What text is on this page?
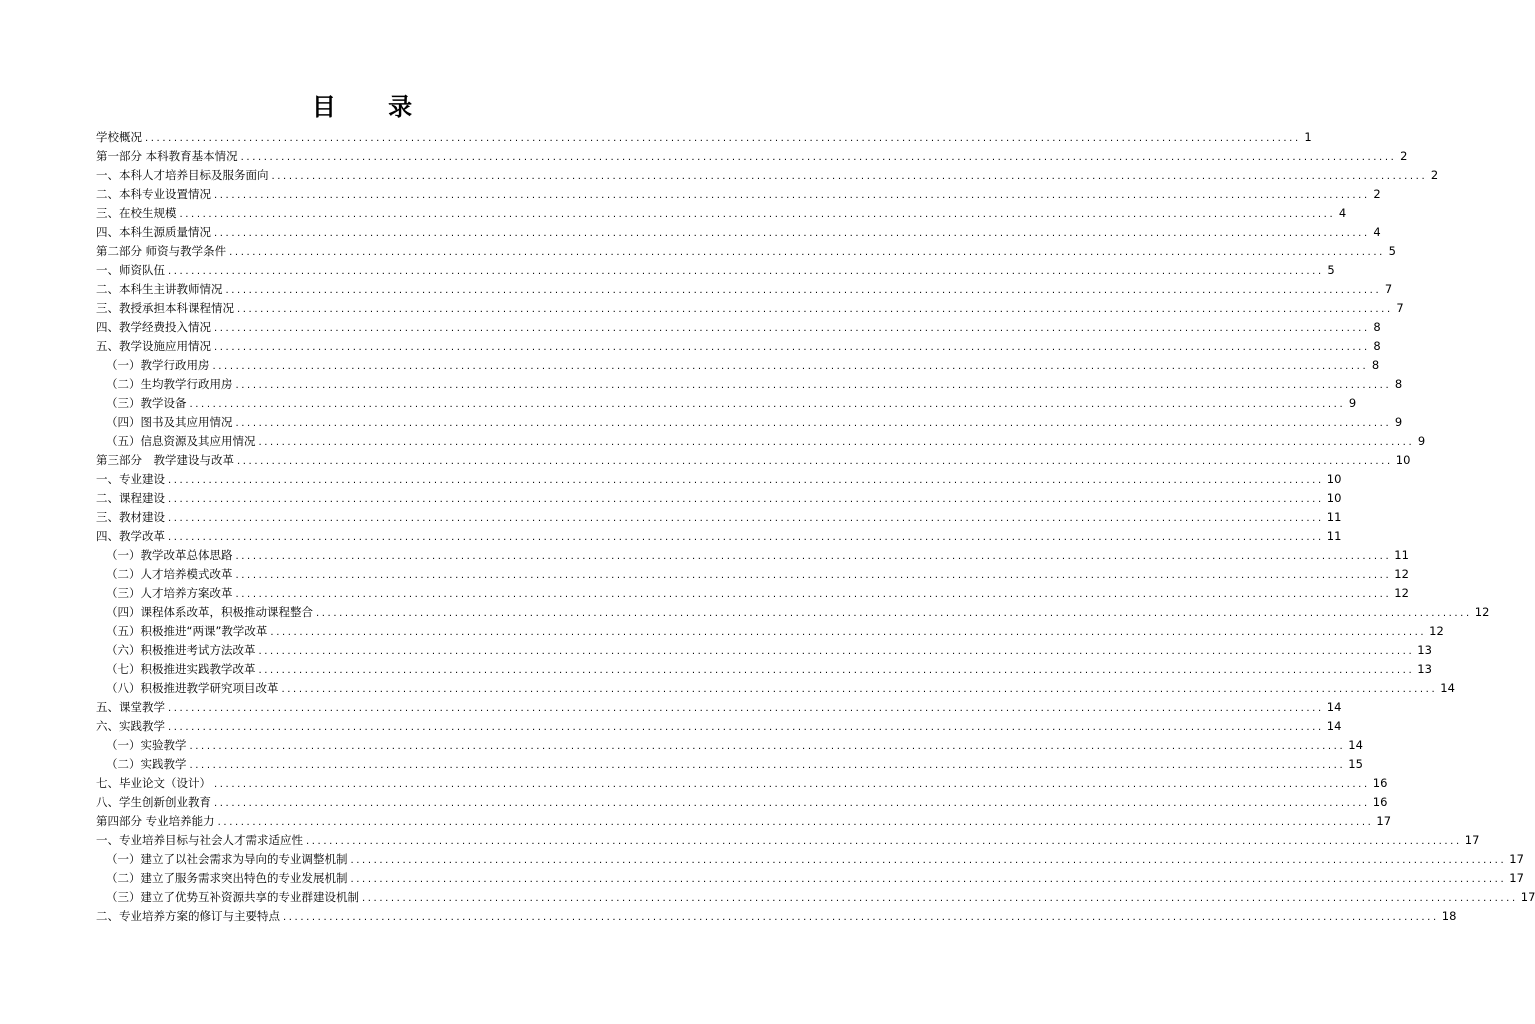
目 录
学校概况 ........................................................................................................................................................................................................ 1
第一部分 本科教育基本情况 ........................................................................................................................................................................................................ 2
一、本科人才培养目标及服务面向 ........................................................................................................................................................................................................ 2
二、本科专业设置情况 ........................................................................................................................................................................................................ 2
三、在校生规模 ........................................................................................................................................................................................................ 4
四、本科生源质量情况 ........................................................................................................................................................................................................ 4
第二部分 师资与教学条件 ........................................................................................................................................................................................................ 5
一、师资队伍 ........................................................................................................................................................................................................ 5
二、本科生主讲教师情况 ........................................................................................................................................................................................................ 7
三、教授承担本科课程情况 ........................................................................................................................................................................................................ 7
四、教学经费投入情况 ........................................................................................................................................................................................................ 8
五、教学设施应用情况 ........................................................................................................................................................................................................ 8
（一）教学行政用房 ........................................................................................................................................................................................................ 8
（二）生均教学行政用房 ........................................................................................................................................................................................................ 8
（三）教学设备 ........................................................................................................................................................................................................ 9
（四）图书及其应用情况 ........................................................................................................................................................................................................ 9
（五）信息资源及其应用情况 ........................................................................................................................................................................................................ 9
第三部分　教学建设与改革 ........................................................................................................................................................................................................ 10
一、专业建设 ........................................................................................................................................................................................................ 10
二、课程建设 ........................................................................................................................................................................................................ 10
三、教材建设 ........................................................................................................................................................................................................ 11
四、教学改革 ........................................................................................................................................................................................................ 11
（一）教学改革总体思路 ........................................................................................................................................................................................................ 11
（二）人才培养模式改革 ........................................................................................................................................................................................................ 12
（三）人才培养方案改革 ........................................................................................................................................................................................................ 12
（四）课程体系改革，积极推动课程整合 ........................................................................................................................................................................................................ 12
（五）积极推进“两课”教学改革 ........................................................................................................................................................................................................ 12
（六）积极推进考试方法改革 ........................................................................................................................................................................................................ 13
（七）积极推进实践教学改革 ........................................................................................................................................................................................................ 13
（八）积极推进教学研究项目改革 ........................................................................................................................................................................................................ 14
五、课堂教学 ........................................................................................................................................................................................................ 14
六、实践教学 ........................................................................................................................................................................................................ 14
（一）实验教学 ........................................................................................................................................................................................................ 14
（二）实践教学 ........................................................................................................................................................................................................ 15
七、毕业论文（设计） ........................................................................................................................................................................................................ 16
八、学生创新创业教育 ........................................................................................................................................................................................................ 16
第四部分 专业培养能力 ........................................................................................................................................................................................................ 17
一、专业培养目标与社会人才需求适应性 ........................................................................................................................................................................................................ 17
（一）建立了以社会需求为导向的专业调整机制 ........................................................................................................................................................................................................ 17
（二）建立了服务需求突出特色的专业发展机制 ........................................................................................................................................................................................................ 17
（三）建立了优势互补资源共享的专业群建设机制 ........................................................................................................................................................................................................ 17
二、专业培养方案的修订与主要特点 ........................................................................................................................................................................................................ 18
